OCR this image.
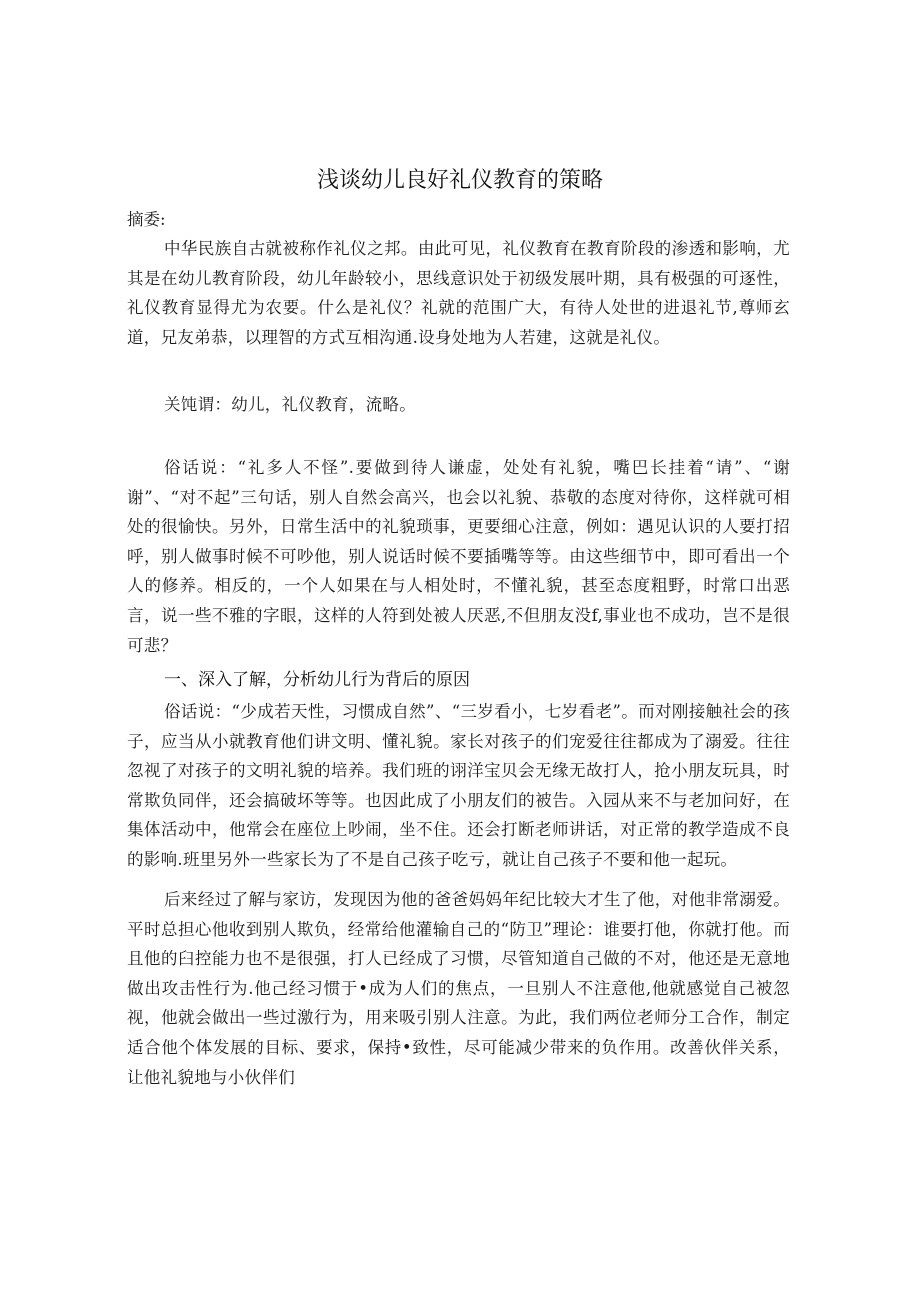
浅谈幼儿良好礼仪教育的策略
摘委:

中华民族自古就被称作礼仪之邦。由此可见，礼仪教育在教育阶段的渗透和影响，尤其是在幼儿教育阶段，幼儿年龄较小，思线意识处于初级发展叶期，具有极强的可逐性，礼仪教育显得尤为农要。什么是礼仪？礼就的范围广大，有待人处世的进退礼节,尊师玄道，兄友弟恭，以理智的方式互相沟通.设身处地为人若建，这就是礼仪。

关饨谓：幼儿，礼仪教育，流略。

俗话说：“礼多人不怪”.要做到待人谦虚，处处有礼貌，嘴巴长挂着“请”、“谢谢”、“对不起”三句话，别人自然会高兴，也会以礼貌、恭敬的态度对待你，这样就可相处的很愉快。另外，日常生活中的礼貌琐事，更要细心注意，例如：遇见认识的人要打招呼，别人做事时候不可吵他，别人说话时候不要插嘴等等。由这些细节中，即可看出一个人的修养。相反的，一个人如果在与人相处时，不懂礼貌，甚至态度粗野，时常口出恶言，说一些不雅的字眼，这样的人符到处被人厌恶,不但朋友没f,事业也不成功，岂不是很可悲？

一、深入了解，分析幼儿行为背后的原因

俗话说：“少成若天性，习惯成自然”、“三岁看小，七岁看老”。而对刚接触社会的孩子，应当从小就教育他们讲文明、懂礼貌。家长对孩子的们宠爱往往都成为了溺爱。往往忽视了对孩子的文明礼貌的培养。我们班的诩洋宝贝会无缘无故打人，抢小朋友玩具，时常欺负同伴，还会搞破坏等等。也因此成了小朋友们的被告。入园从来不与老加问好，在集体活动中，他常会在座位上吵闹，坐不住。还会打断老师讲话，对正常的教学造成不良的影响.班里另外一些家长为了不是自己孩子吃亏，就让自己孩子不要和他一起玩。

后来经过了解与家访，发现因为他的爸爸妈妈年纪比较大才生了他，对他非常溺爱。平时总担心他收到别人欺负，经常给他灌输自己的“防卫”理论：谁要打他，你就打他。而且他的臼控能力也不是很强，打人已经成了习惯，尽管知道自己做的不对，他还是无意地做出攻击性行为.他己经习惯于•成为人们的焦点，一旦别人不注意他,他就感觉自己被忽视，他就会做出一些过激行为，用来吸引别人注意。为此，我们两位老师分工合作，制定适合他个体发展的目标、要求，保持•致性，尽可能减少带来的负作用。改善伙伴关系，让他礼貌地与小伙伴们
